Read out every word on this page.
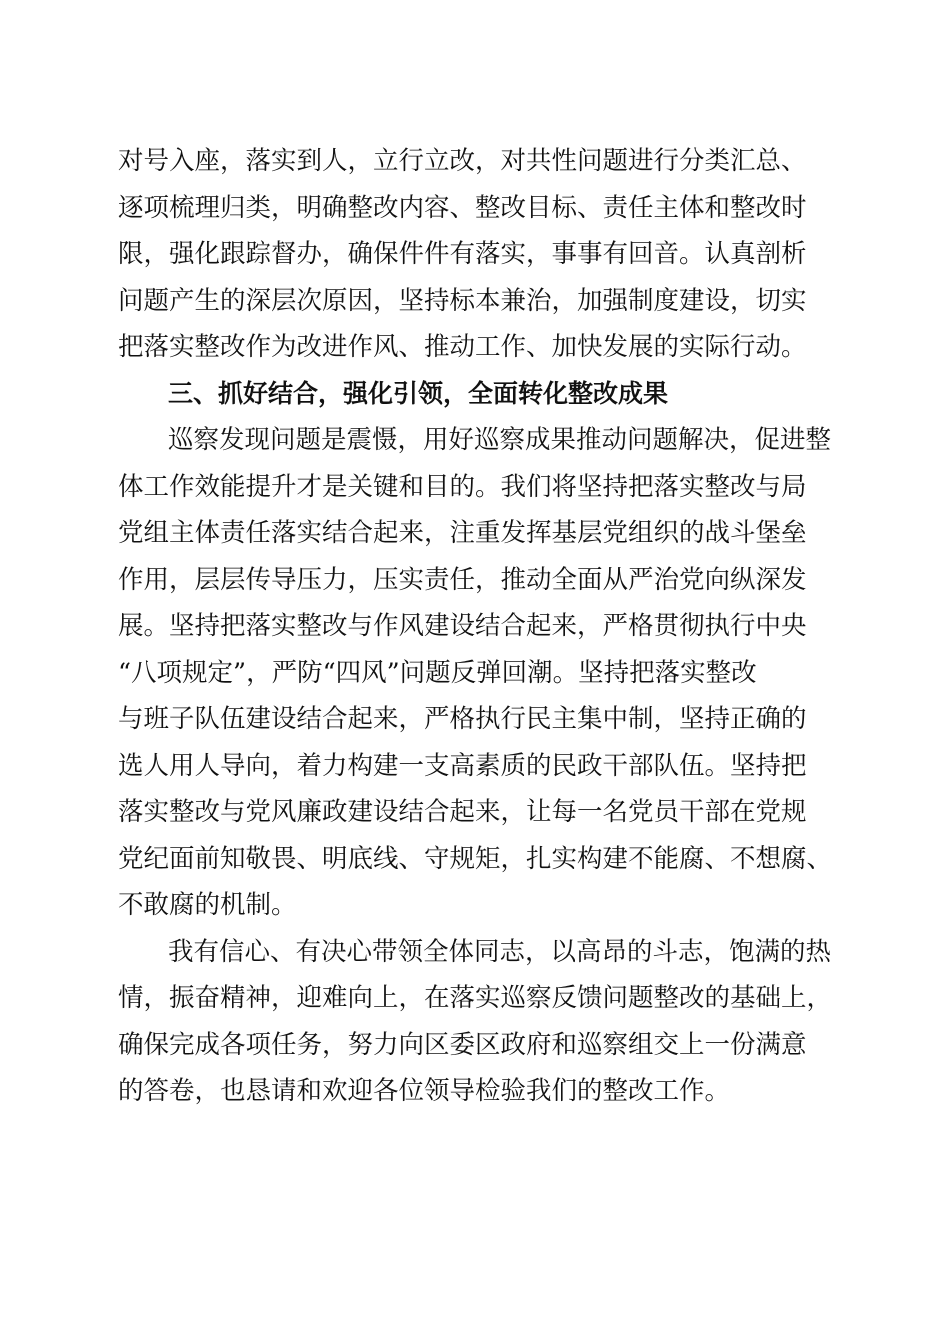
对号入座，落实到人，立行立改，对共性问题进行分类汇总、
逐项梳理归类，明确整改内容、整改目标、责任主体和整改时
限，强化跟踪督办，确保件件有落实，事事有回音。认真剖析
问题产生的深层次原因，坚持标本兼治，加强制度建设，切实
把落实整改作为改进作风、推动工作、加快发展的实际行动。
三、抓好结合，强化引领，全面转化整改成果
巡察发现问题是震慑，用好巡察成果推动问题解决，促进整
体工作效能提升才是关键和目的。我们将坚持把落实整改与局
党组主体责任落实结合起来，注重发挥基层党组织的战斗堡垒
作用，层层传导压力，压实责任，推动全面从严治党向纵深发
展。坚持把落实整改与作风建设结合起来，严格贯彻执行中央
“八项规定”，严防“四风”问题反弹回潮。坚持把落实整改
与班子队伍建设结合起来，严格执行民主集中制，坚持正确的
选人用人导向，着力构建一支高素质的民政干部队伍。坚持把
落实整改与党风廉政建设结合起来，让每一名党员干部在党规
党纪面前知敬畏、明底线、守规矩，扎实构建不能腐、不想腐、
不敢腐的机制。
我有信心、有决心带领全体同志，以高昂的斗志，饱满的热
情，振奋精神，迎难向上，在落实巡察反馈问题整改的基础上，
确保完成各项任务，努力向区委区政府和巡察组交上一份满意
的答卷，也恳请和欢迎各位领导检验我们的整改工作。
